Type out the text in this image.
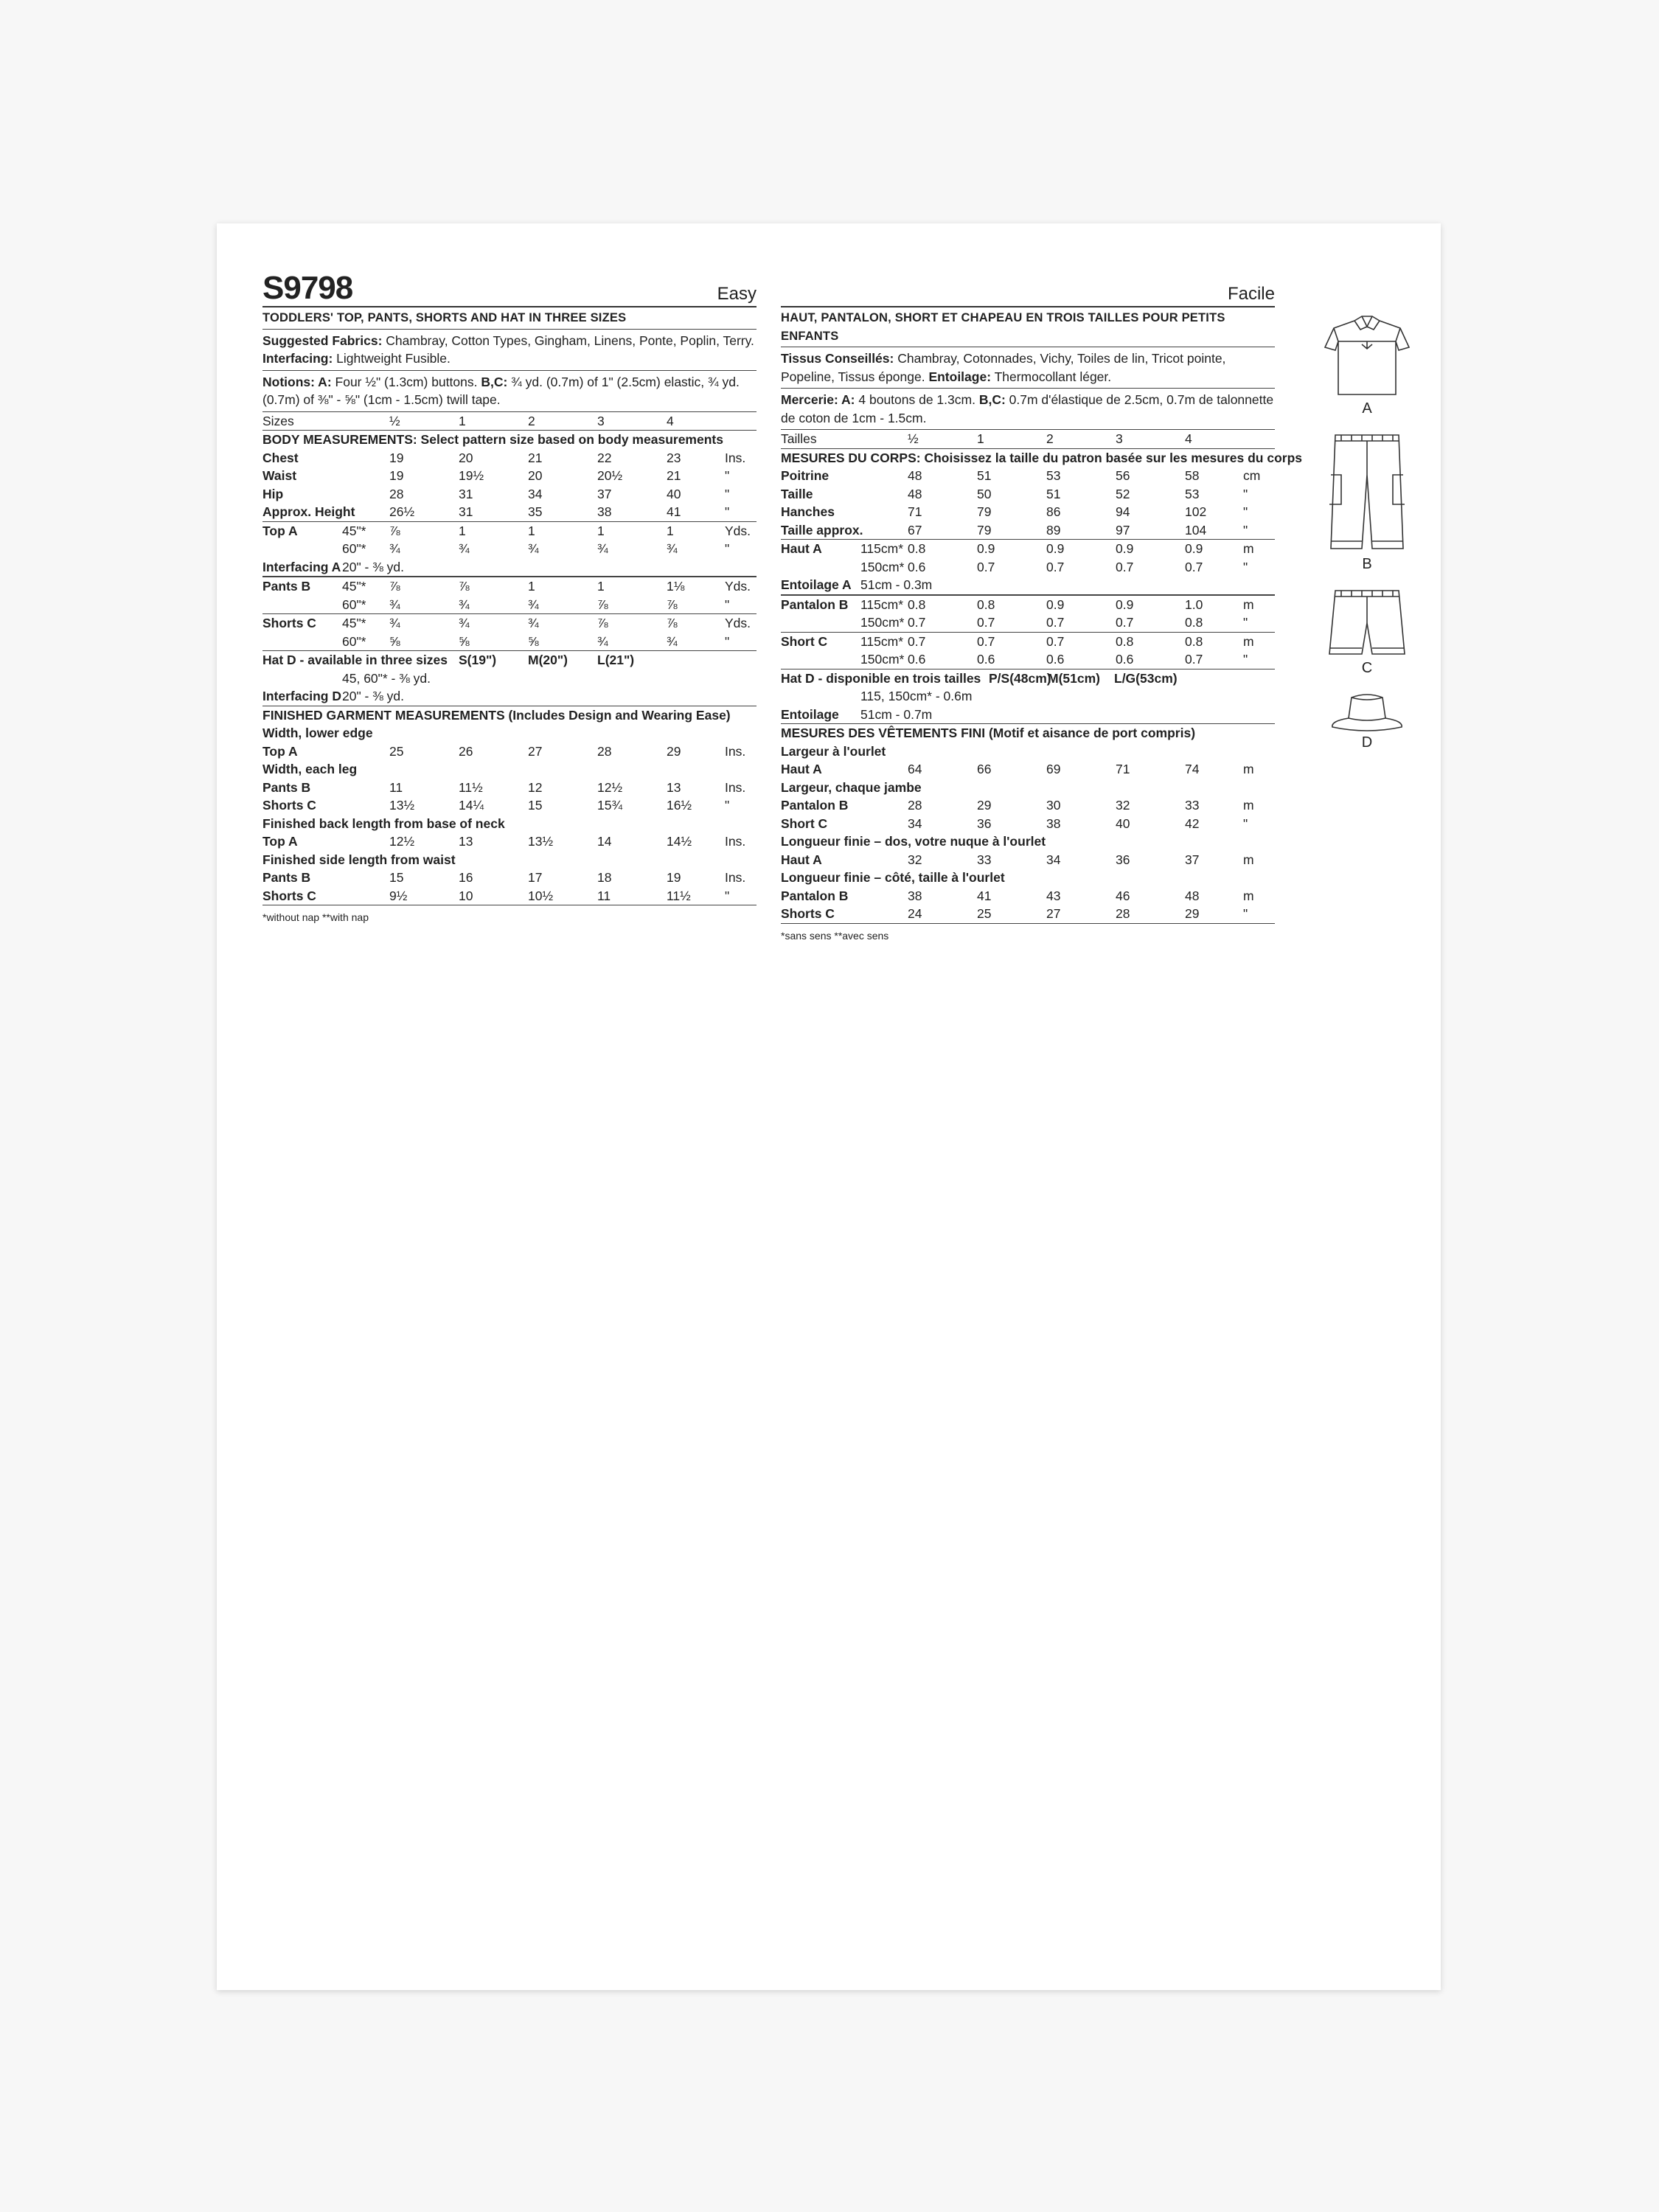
S9798	Easy
TODDLERS' TOP, PANTS, SHORTS AND HAT IN THREE SIZES
Suggested Fabrics: Chambray, Cotton Types, Gingham, Linens, Ponte, Poplin, Terry.
Interfacing: Lightweight Fusible.
Notions: A: Four ½" (1.3cm) buttons. B,C: ¾ yd. (0.7m) of 1" (2.5cm) elastic, ¾ yd. (0.7m) of ⅜" - ⅝" (1cm - 1.5cm) twill tape.
Sizes	½	1	2	3	4
BODY MEASUREMENTS: Select pattern size based on body measurements
Chest	19	20	21	22	23	Ins.
Waist	19	19½	20	20½	21	"
Hip	28	31	34	37	40	"
Approx. Height	26½	31	35	38	41	"
Top A	45"* ⅞	1	1	1	1	Yds.
60"* ¾	¾	¾	¾	¾	"
Interfacing A 20" - ⅜ yd.
Pants B 45"* ⅞	⅞	1	1	1⅛	Yds.
60"* ¾	¾	¾	⅞	⅞	"
Shorts C 45"* ¾	¾	¾	⅞	⅞	Yds.
60"* ⅝	⅝	⅝	¾	¾	"
Hat D - available in three sizes S(19") M(20") L(21")
45, 60"* - ⅜ yd.
Interfacing D 20" - ⅜ yd.
FINISHED GARMENT MEASUREMENTS (Includes Design and Wearing Ease)
Width, lower edge
Top A	25	26	27	28	29	Ins.
Width, each leg
Pants B	11	11½	12	12½	13	Ins.
Shorts C	13½	14¼	15	15¾	16½	"
Finished back length from base of neck
Top A	12½	13	13½	14	14½	Ins.
Finished side length from waist
Pants B	15	16	17	18	19	Ins.
Shorts C	9½	10	10½	11	11½	"
*without nap **with nap
Facile
HAUT, PANTALON, SHORT ET CHAPEAU EN TROIS TAILLES POUR PETITS ENFANTS
Tissus Conseillés: Chambray, Cotonnades, Vichy, Toiles de lin, Tricot pointe, Popeline, Tissus éponge. Entoilage: Thermocollant léger.
Mercerie: A: 4 boutons de 1.3cm. B,C: 0.7m d'élastique de 2.5cm, 0.7m de talonnette de coton de 1cm - 1.5cm.
Tailles	½	1	2	3	4
MESURES DU CORPS: Choisissez la taille du patron basée sur les mesures du corps
Poitrine	48	51	53	56	58	cm
Taille	48	50	51	52	53	"
Hanches	71	79	86	94	102	"
Taille approx.	67	79	89	97	104	"
Haut A	115cm* 0.8	0.9	0.9	0.9	0.9	m
150cm* 0.6	0.7	0.7	0.7	0.7	"
Entoilage A 51cm - 0.3m
Pantalon B 115cm* 0.8	0.8	0.9	0.9	1.0	m
150cm* 0.7	0.7	0.7	0.7	0.8	"
Short C	115cm* 0.7	0.7	0.7	0.8	0.8	m
150cm* 0.6	0.6	0.6	0.6	0.7	"
Hat D - disponible en trois tailles P/S(48cm)
M(51cm) L/G(53cm)
115, 150cm* - 0.6m
Entoilage 51cm - 0.7m
MESURES DES VÊTEMENTS FINI (Motif et aisance de port compris)
Largeur à l'ourlet
Haut A	64	66	69	71	74	m
Largeur, chaque jambe
Pantalon B	28	29	30	32	33	m
Short C	34	36	38	40	42	"
Longueur finie – dos, votre nuque à l'ourlet
Haut A	32	33	34	36	37	m
Longueur finie – côté, taille à l'ourlet
Pantalon B	38	41	43	46	48	m
Shorts C	24	25	27	28	29	"
*sans sens **avec sens
A
B
C
D
